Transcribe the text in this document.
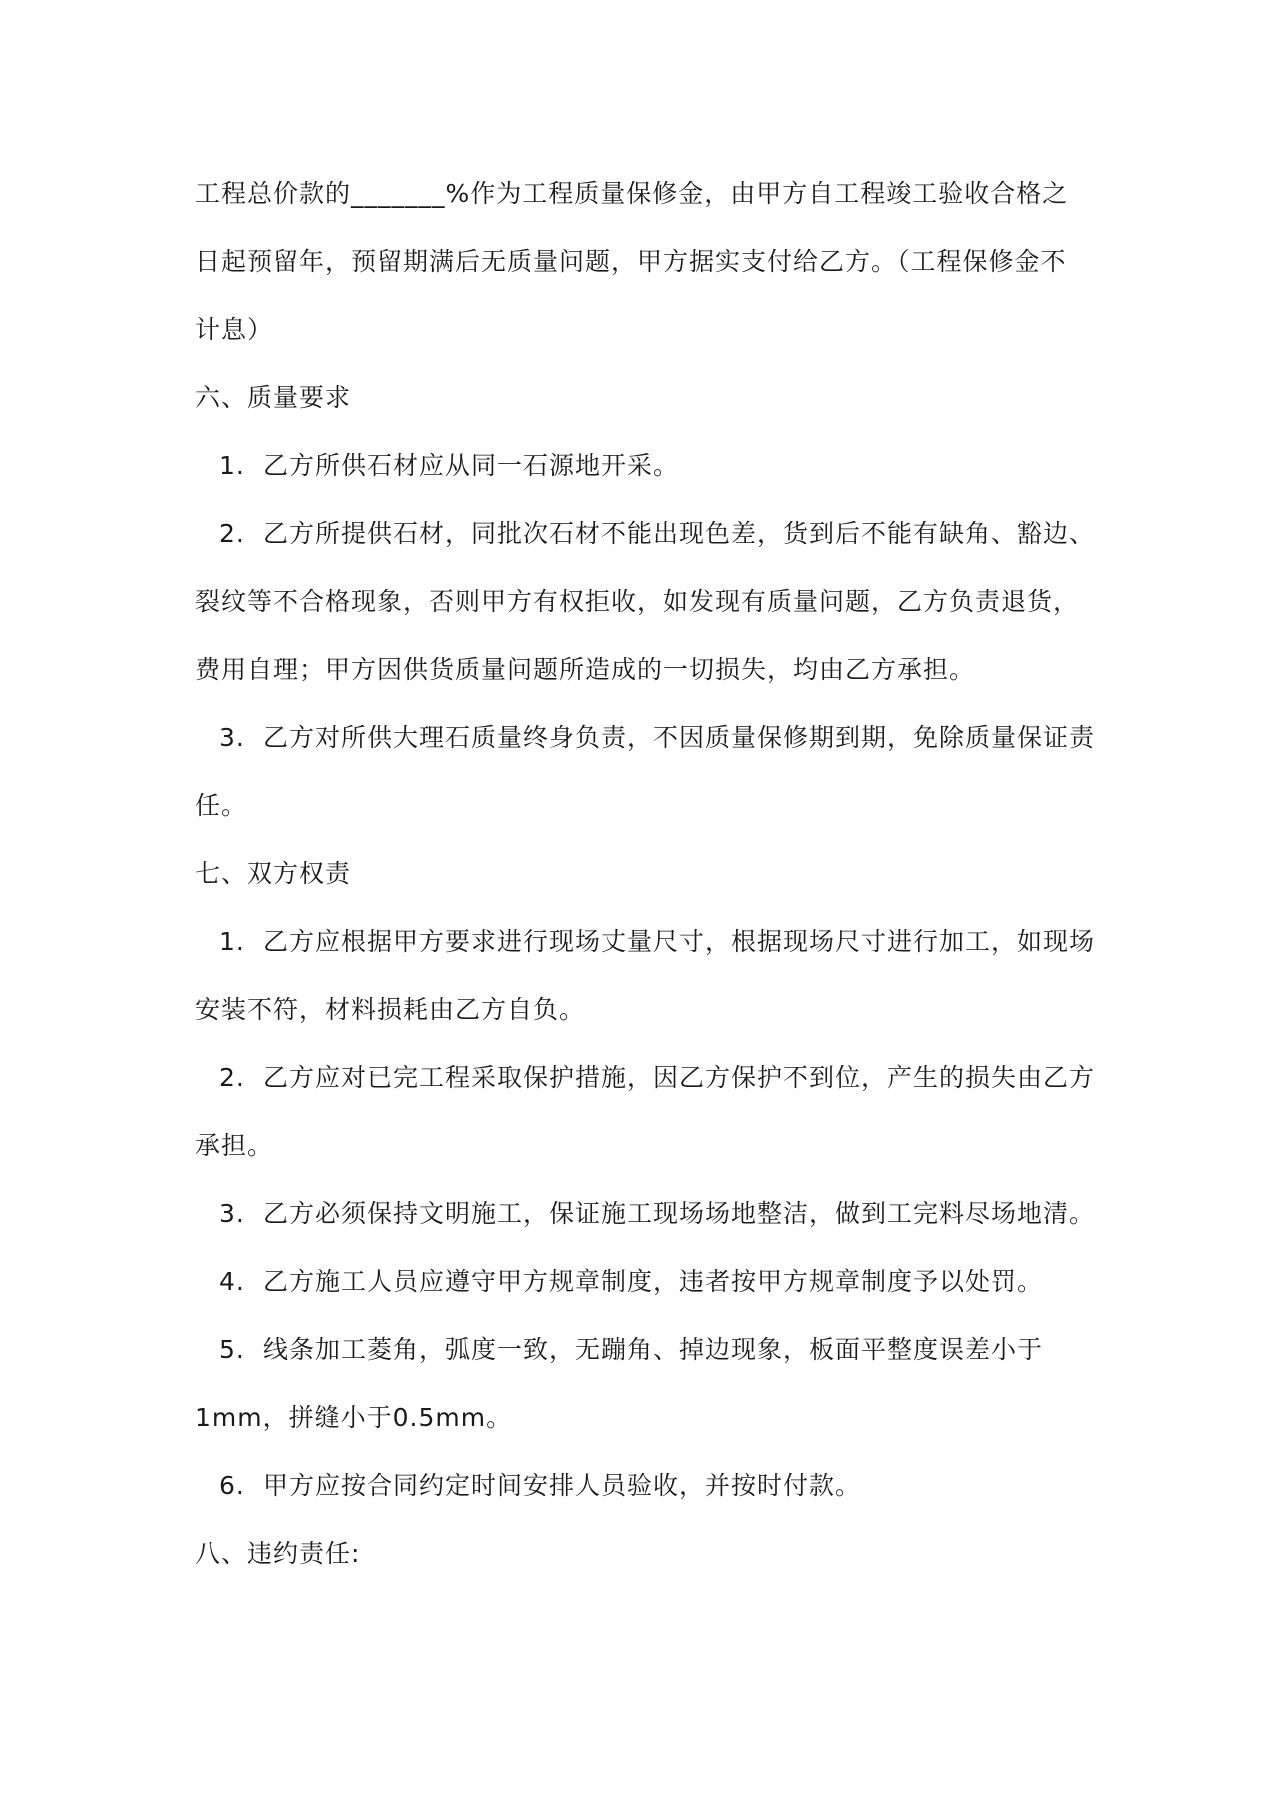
工程总价款的_______%作为工程质量保修金，由甲方自工程竣工验收合格之
日起预留年，预留期满后无质量问题，甲方据实支付给乙方。（工程保修金不
计息）
六、质量要求
1. 乙方所供石材应从同一石源地开采。
2. 乙方所提供石材，同批次石材不能出现色差，货到后不能有缺角、豁边、
裂纹等不合格现象，否则甲方有权拒收，如发现有质量问题，乙方负责退货，
费用自理；甲方因供货质量问题所造成的一切损失，均由乙方承担。
3. 乙方对所供大理石质量终身负责，不因质量保修期到期，免除质量保证责
任。
七、双方权责
1. 乙方应根据甲方要求进行现场丈量尺寸，根据现场尺寸进行加工，如现场
安装不符，材料损耗由乙方自负。
2. 乙方应对已完工程采取保护措施，因乙方保护不到位，产生的损失由乙方
承担。
3. 乙方必须保持文明施工，保证施工现场场地整洁，做到工完料尽场地清。
4. 乙方施工人员应遵守甲方规章制度，违者按甲方规章制度予以处罚。
5. 线条加工菱角，弧度一致，无蹦角、掉边现象，板面平整度误差小于
1mm，拼缝小于0.5mm。
6. 甲方应按合同约定时间安排人员验收，并按时付款。
八、违约责任:
